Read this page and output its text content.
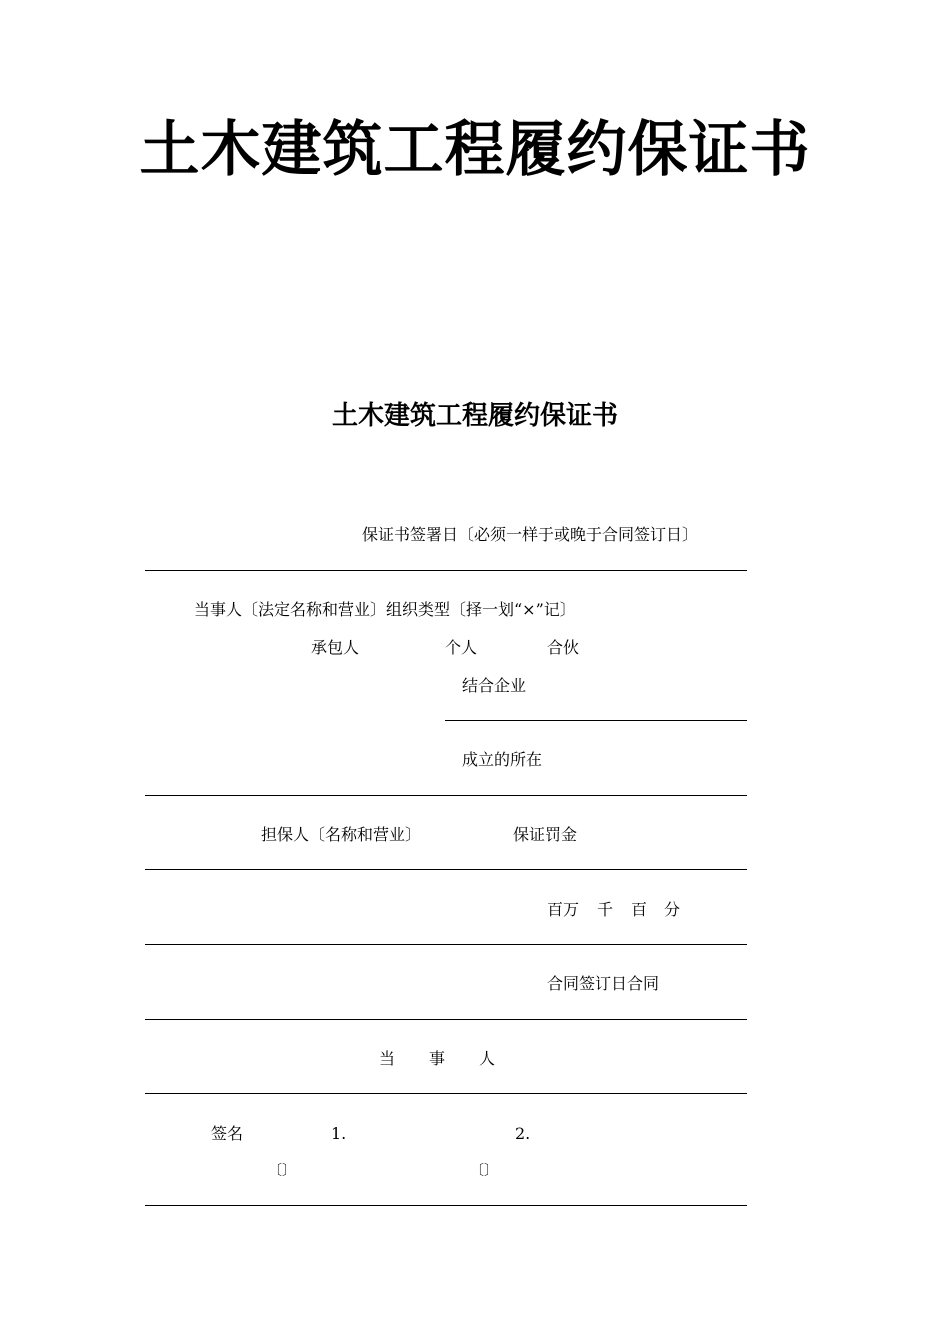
土木建筑工程履约保证书
土木建筑工程履约保证书
保证书签署日〔必须一样于或晚于合同签订日〕
当事人〔法定名称和营业〕组织类型〔择一划“×”记〕
承包人	个人	合伙
结合企业
成立的所在
担保人〔名称和营业〕	保证罚金
百万 千 百 分
合同签订日合同
当 事 人
签名	1.	2.
〔〕	〔〕
